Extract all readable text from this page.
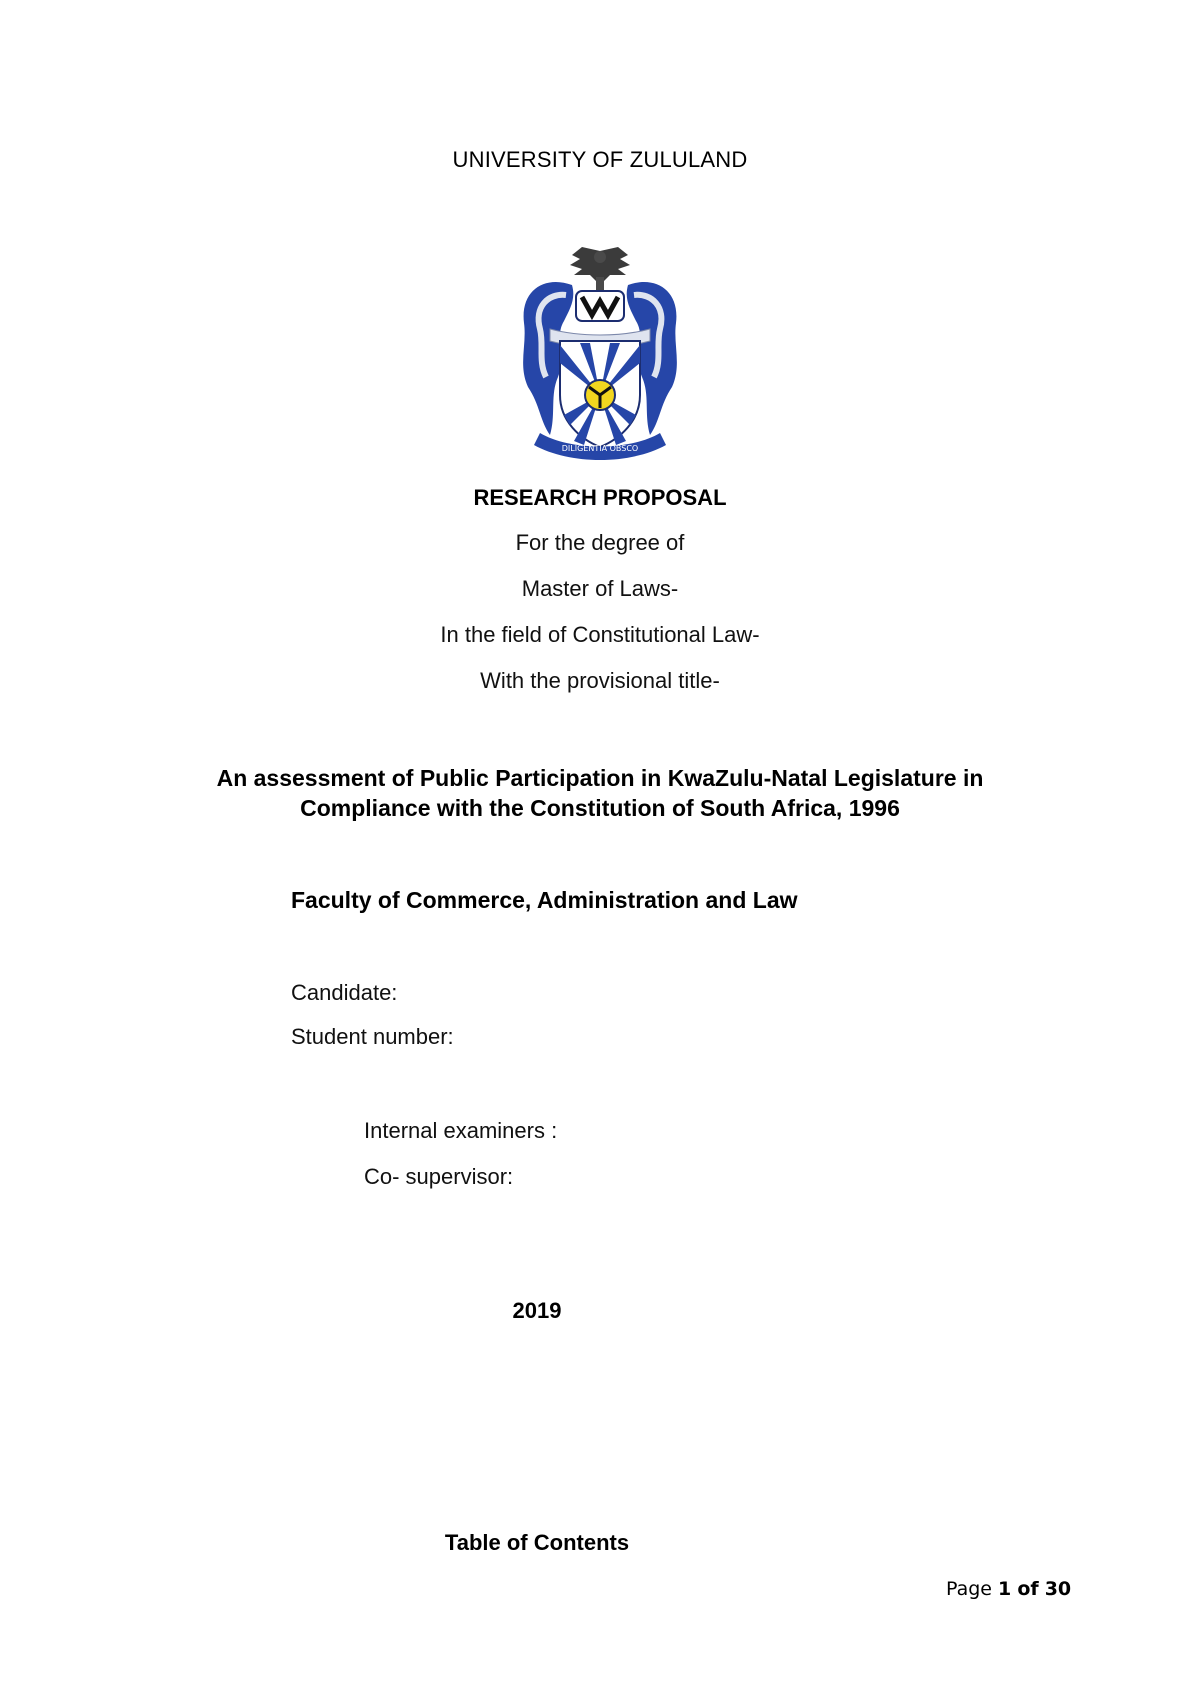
UNIVERSITY OF ZULULAND
DILIGENTIA OBSCO
RESEARCH PROPOSAL
For the degree of
Master of Laws-
In the field of Constitutional Law-
With the provisional title-
An assessment of Public Participation in KwaZulu-Natal Legislature in
Compliance with the Constitution of South Africa, 1996
Faculty of Commerce, Administration and Law
Candidate:
Student number:
Internal examiners :
Co- supervisor:
2019
Table of Contents
Page 1 of 30
